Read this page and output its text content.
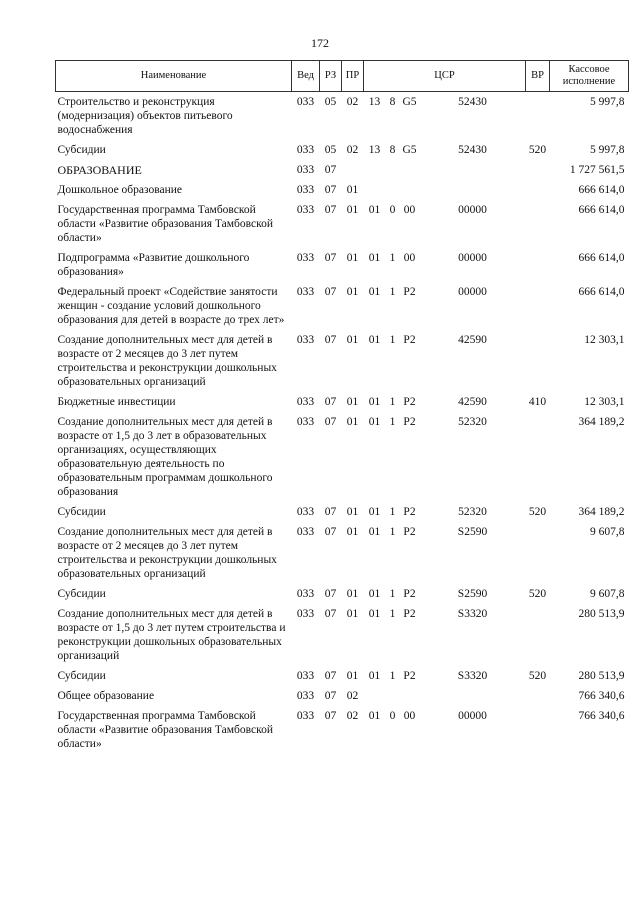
172
Наименование	Вед	РЗ	ПР	ЦСР				ВР	Кассовое исполнение
Строительство и реконструкция (модернизация) объектов питьевого водоснабжения	033	05	02	13	8	G5	52430		5 997,8
Субсидии	033	05	02	13	8	G5	52430	520	5 997,8
ОБРАЗОВАНИЕ	033	07							1 727 561,5
Дошкольное образование	033	07	01						666 614,0
Государственная программа Тамбовской области «Развитие образования Тамбовской области»	033	07	01	01	0	00	00000		666 614,0
Подпрограмма «Развитие дошкольного образования»	033	07	01	01	1	00	00000		666 614,0
Федеральный проект «Содействие занятости женщин - создание условий дошкольного образования для детей в возрасте до трех лет»	033	07	01	01	1	P2	00000		666 614,0
Создание дополнительных мест для детей в возрасте от 2 месяцев до 3 лет путем строительства и реконструкции дошкольных образовательных организаций	033	07	01	01	1	P2	42590		12 303,1
Бюджетные инвестиции	033	07	01	01	1	P2	42590	410	12 303,1
Создание дополнительных мест для детей в возрасте от 1,5 до 3 лет в образовательных организациях, осуществляющих образовательную деятельность по образовательным программам дошкольного образования	033	07	01	01	1	P2	52320		364 189,2
Субсидии	033	07	01	01	1	P2	52320	520	364 189,2
Создание дополнительных мест для детей в возрасте от 2 месяцев до 3 лет путем строительства и реконструкции дошкольных образовательных организаций	033	07	01	01	1	P2	S2590		9 607,8
Субсидии	033	07	01	01	1	P2	S2590	520	9 607,8
Создание дополнительных мест для детей в возрасте от 1,5 до 3 лет путем строительства и реконструкции дошкольных образовательных организаций	033	07	01	01	1	P2	S3320		280 513,9
Субсидии	033	07	01	01	1	P2	S3320	520	280 513,9
Общее образование	033	07	02						766 340,6
Государственная программа Тамбовской области «Развитие образования Тамбовской области»	033	07	02	01	0	00	00000		766 340,6
